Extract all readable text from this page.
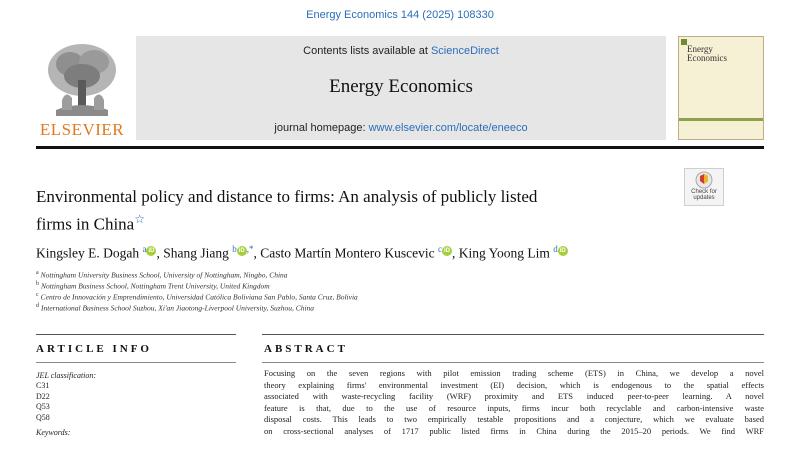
Energy Economics 144 (2025) 108330
ELSEVIER
Contents lists available at ScienceDirect
Energy Economics
journal homepage: www.elsevier.com/locate/eneeco
Energy
Economics
Environmental policy and distance to firms: An analysis of publicly listed
firms in China☆
Check for
updates
Kingsley E. Dogah $^a$ iD , Shang Jiang $^b$ iD ,*, Casto Martín Montero Kuscevic $^c$ iD , King Yoong Lim $^d$ iD
$^a$ Nottingham University Business School, University of Nottingham, Ningbo, China
$^b$ Nottingham Business School, Nottingham Trent University, United Kingdom
$^c$ Centro de Innovación y Emprendimiento, Universidad Católica Boliviana San Pablo, Santa Cruz, Bolivia
$^d$ International Business School Suzhou, Xi'an Jiaotong-Liverpool University, Suzhou, China
ARTICLE INFO	ABSTRACT
JEL classification:
C31
D22
Q53
Q58
Keywords:
Focusing on the seven regions with pilot emission trading scheme (ETS) in China, we develop a novel
theory explaining firms' environmental investment (EI) decision, which is endogenous to the spatial effects
associated with waste-recycling facility (WRF) proximity and ETS induced peer-to-peer learning. A novel
feature is that, due to the use of resource inputs, firms incur both recyclable and carbon-intensive waste
disposal costs. This leads to two empirically testable propositions and a conjecture, which we evaluate based
on cross-sectional analyses of 1717 public listed firms in China during the 2015–20 periods. We find WRF
